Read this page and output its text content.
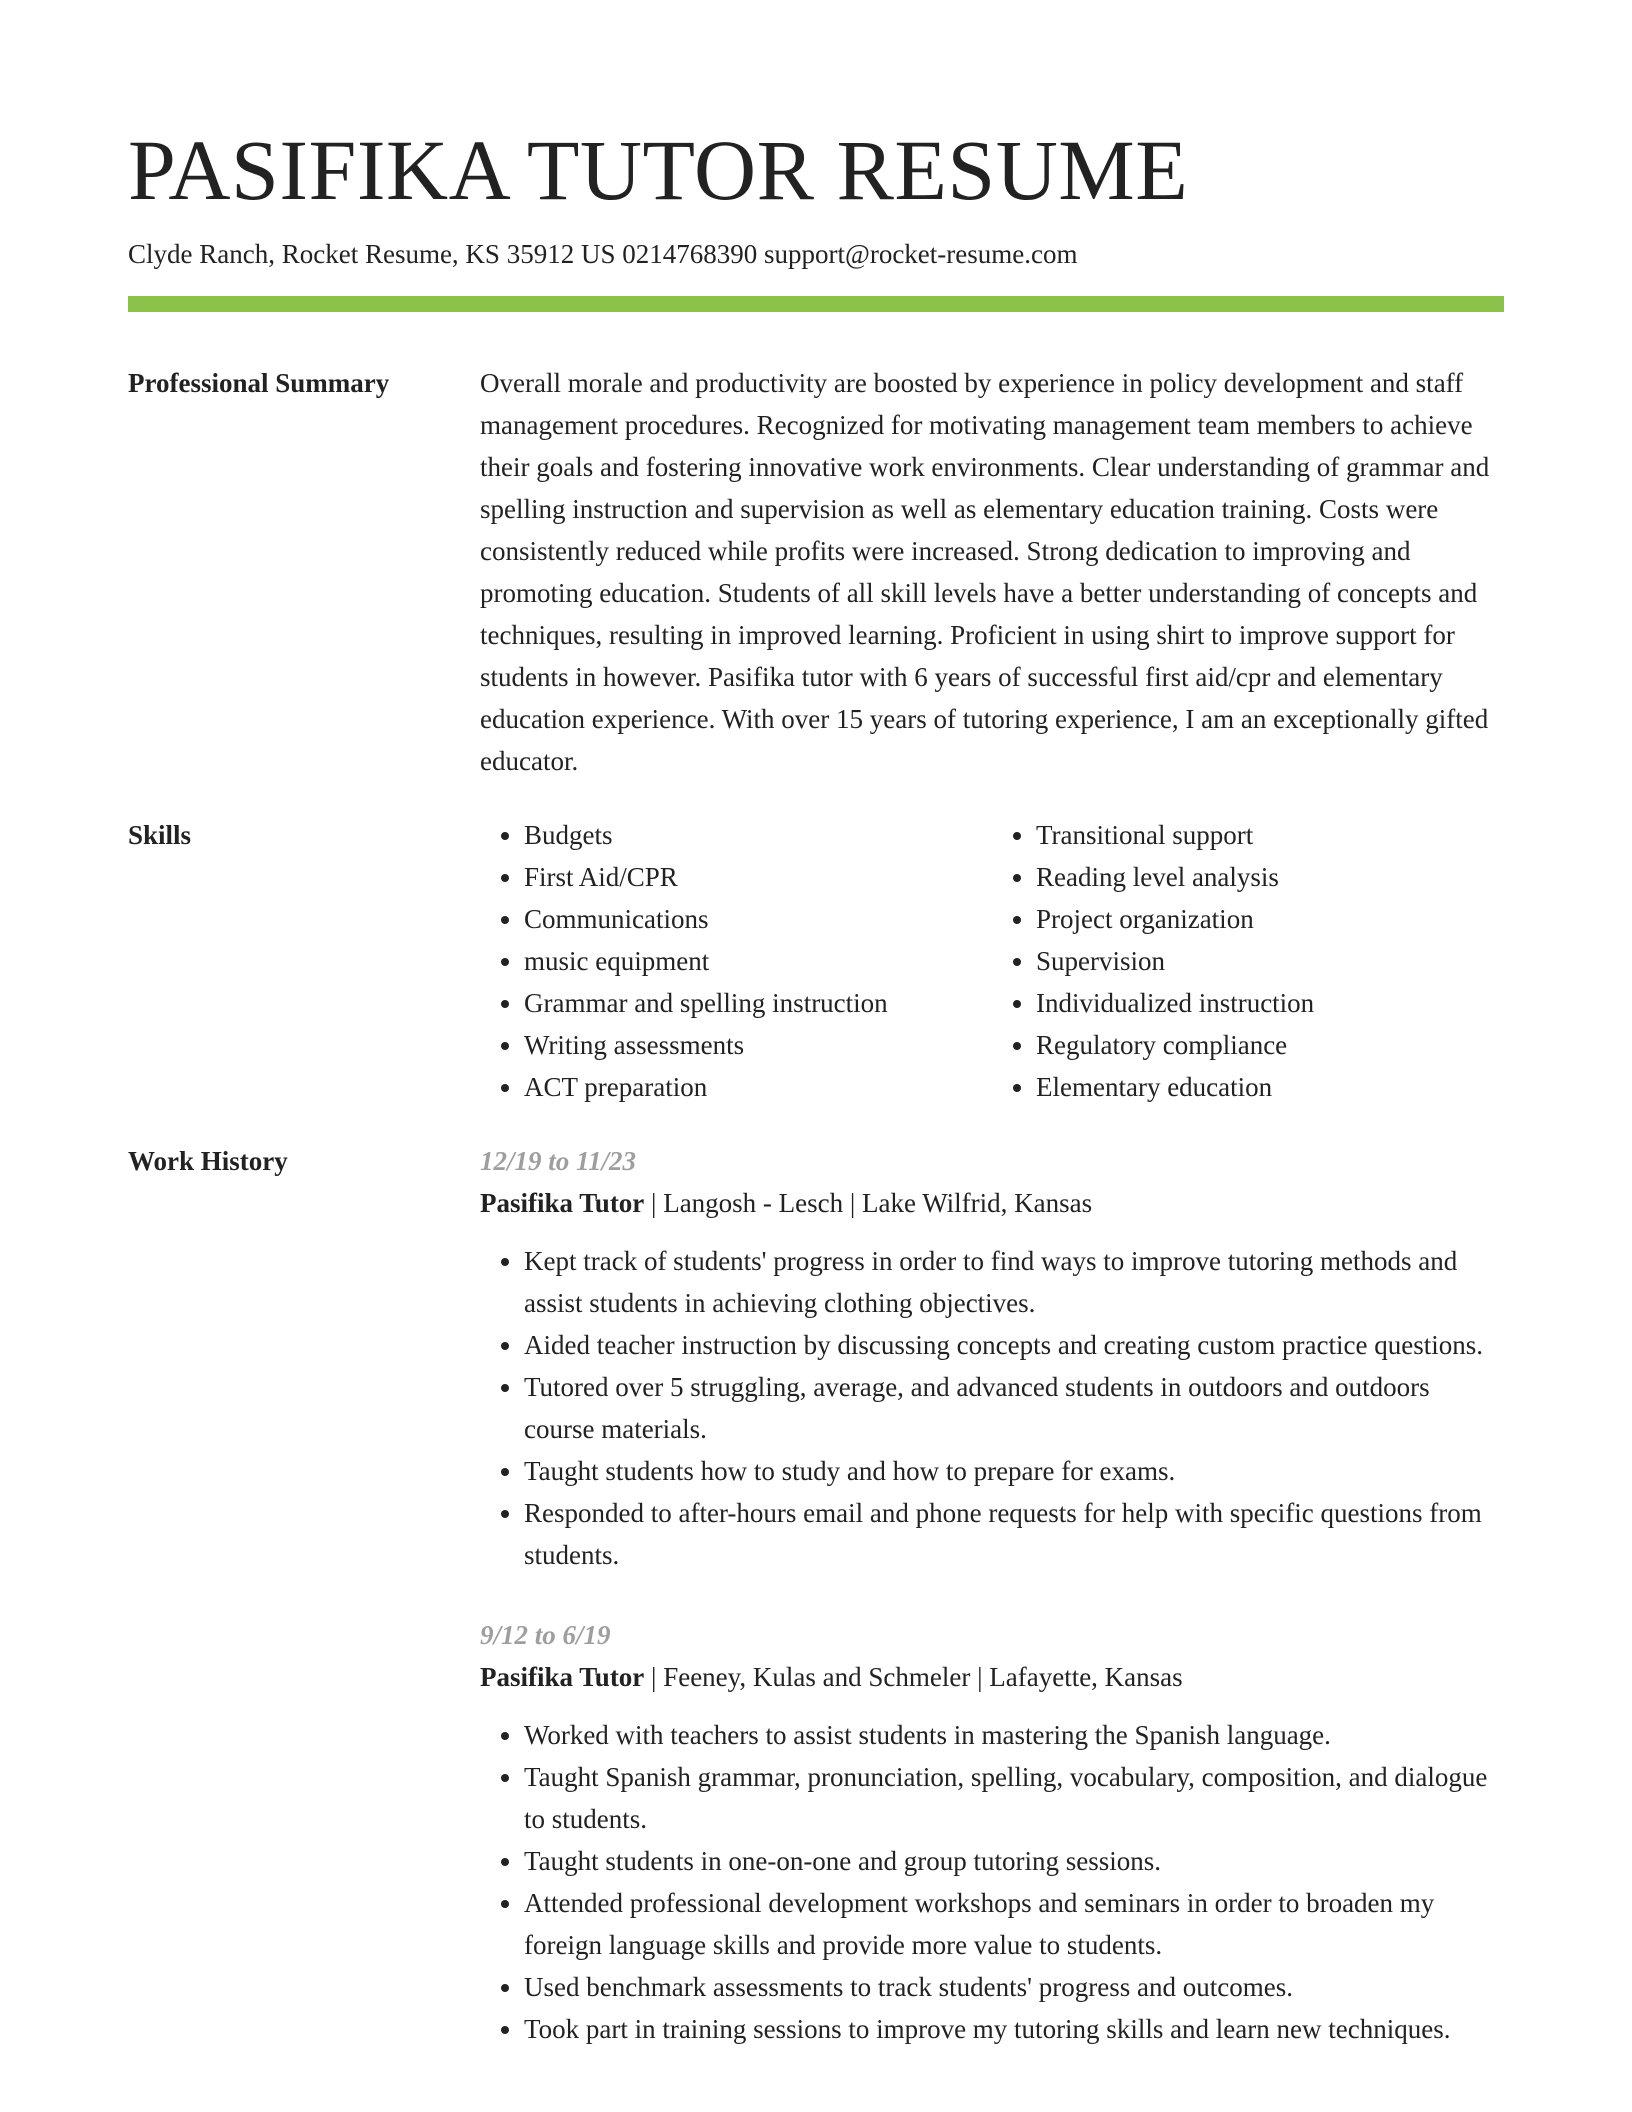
PASIFIKA TUTOR RESUME
Clyde Ranch, Rocket Resume, KS 35912 US 0214768390 support@rocket-resume.com
Professional Summary	Overall morale and productivity are boosted by experience in policy development and staff management procedures. Recognized for motivating management team members to achieve their goals and fostering innovative work environments. Clear understanding of grammar and spelling instruction and supervision as well as elementary education training. Costs were consistently reduced while profits were increased. Strong dedication to improving and promoting education. Students of all skill levels have a better understanding of concepts and techniques, resulting in improved learning. Proficient in using shirt to improve support for students in however. Pasifika tutor with 6 years of successful first aid/cpr and elementary education experience. With over 15 years of tutoring experience, I am an exceptionally gifted educator.

Skills
•	Budgets
• First Aid/CPR
• Communications
• music equipment
• Grammar and spelling instruction
• Writing assessments
• ACT preparation
• Transitional support
• Reading level analysis
• Project organization
• Supervision
• Individualized instruction
• Regulatory compliance
• Elementary education
Work History	12/19 to 11/23
Pasifika Tutor | Langosh - Lesch | Lake Wilfrid, Kansas
• Kept track of students' progress in order to find ways to improve tutoring methods and assist students in achieving clothing objectives.
• Aided teacher instruction by discussing concepts and creating custom practice questions.
• Tutored over 5 struggling, average, and advanced students in outdoors and outdoors course materials.
• Taught students how to study and how to prepare for exams.
• Responded to after-hours email and phone requests for help with specific questions from students.
9/12 to 6/19
Pasifika Tutor | Feeney, Kulas and Schmeler | Lafayette, Kansas
• Worked with teachers to assist students in mastering the Spanish language.
• Taught Spanish grammar, pronunciation, spelling, vocabulary, composition, and dialogue to students.
• Taught students in one-on-one and group tutoring sessions.
• Attended professional development workshops and seminars in order to broaden my foreign language skills and provide more value to students.
• Used benchmark assessments to track students' progress and outcomes.
• Took part in training sessions to improve my tutoring skills and learn new techniques.
